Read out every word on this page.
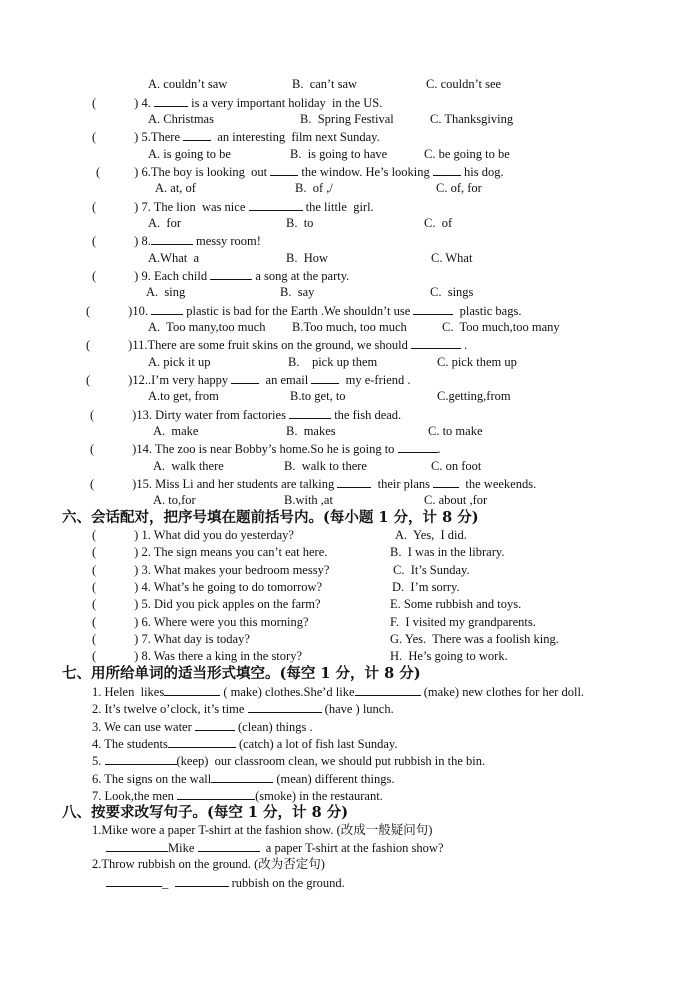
A. couldn’t saw	B.  can’t saw	C. couldn’t see
(	) 4.	is a very important holiday  in the US.
A. Christmas	B.  Spring Festival	C. Thanksgiving
(	) 5.There	an interesting  film next Sunday.
A. is going to be	B.  is going to have	C. be going to be
(	) 6.The boy is looking  out	the window. He’s looking	his dog.
A. at, of	B.  of ,/	C. of, for
(	) 7. The lion  was nice	the little  girl.
A.  for	B.  to	C.  of
(	) 8.	messy room!
A.What  a	B.  How	C. What
(	) 9. Each child	a song at the party.
A.  sing	B.  say	C.  sings
(	)10.	plastic is bad for the Earth .We shouldn’t use	plastic bags.
A.  Too many,too much B.Too much, too much	C.  Too much,too many
(	)11.There are some fruit skins on the ground, we should	.
A. pick it up	B.    pick up them	C. pick them up
(	)12..I’m very happy	an email	my e-friend .
A.to get, from	B.to get, to	C.getting,from
(	)13. Dirty water from factories	the fish dead.
A.  make	B.  makes	C. to make
(	)14. The zoo is near Bobby’s home.So he is going to	.
A.  walk there	B.  walk to there	C. on foot
(	)15. Miss Li and her students are talking	their plans	the weekends.
A. to,for	B.with ,at	C. about ,for
六、会话配对，把序号填在题前括号内。(每小题 1 分，计 8 分)
(	) 1. What did you do yesterday?	A.  Yes,  I did.
(	) 2. The sign means you can’t eat here.	B.  I was in the library.
(	) 3. What makes your bedroom messy?	C.  It’s Sunday.
(	) 4. What’s he going to do tomorrow?	D.  I’m sorry.
(	) 5. Did you pick apples on the farm?	E. Some rubbish and toys.
(	) 6. Where were you this morning?	F.  I visited my grandparents.
(	) 7. What day is today?	G. Yes.  There was a foolish king.
(	) 8. Was there a king in the story?	H.  He’s going to work.
七、用所给单词的适当形式填空。(每空 1 分，计 8 分)
1. Helen  likes	( make) clothes.She’d like	(make) new clothes for her doll.
2. It’s twelve o’clock, it’s time	(have ) lunch.
3. We can use water	(clean) things .
4. The students	(catch) a lot of fish last Sunday.
5.	(keep)  our classroom clean, we should put rubbish in the bin.
6. The signs on the wall	(mean) different things.
7. Look,the men	(smoke) in the restaurant.
八、按要求改写句子。(每空 1 分，计 8 分)
1.Mike wore a paper T-shirt at the fashion show. (改成一般疑问句)
Mike	a paper T-shirt at the fashion show?
2.Throw rubbish on the ground. (改为否定句)
_	rubbish on the ground.
